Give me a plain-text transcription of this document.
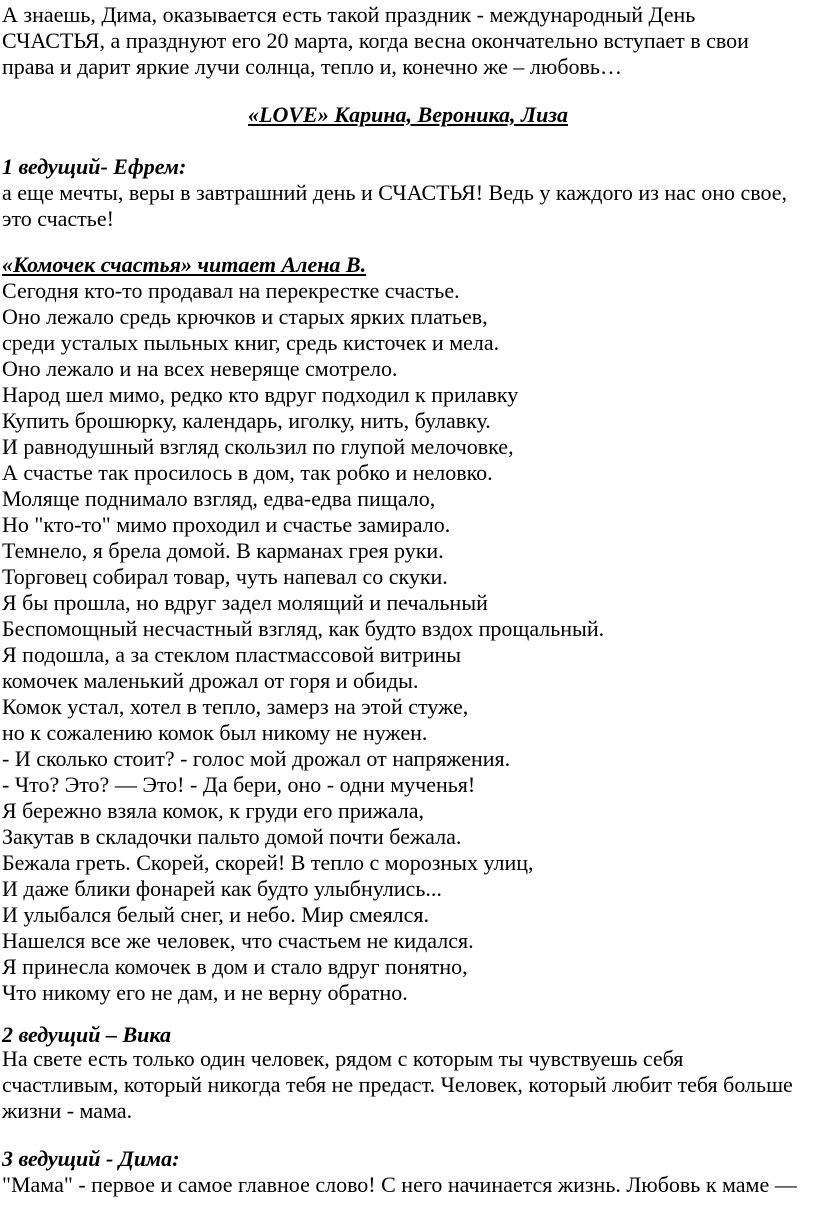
А знаешь, Дима, оказывается есть такой праздник - международный День
СЧАСТЬЯ, а празднуют его 20 марта, когда весна окончательно вступает в свои
права и дарит яркие лучи солнца, тепло и, конечно же – любовь…
«LOVE» Карина, Вероника, Лиза
1 ведущий- Ефрем:
а еще мечты, веры в завтрашний день и СЧАСТЬЯ! Ведь у каждого из нас оно свое,
это счастье!
«Комочек счастья» читает Алена В.
Сегодня кто-то продавал на перекрестке счастье.
Оно лежало средь крючков и старых ярких платьев,
среди усталых пыльных книг, средь кисточек и мела.
Оно лежало и на всех неверяще смотрело.
Народ шел мимо, редко кто вдруг подходил к прилавку
Купить брошюрку, календарь, иголку, нить, булавку.
И равнодушный взгляд скользил по глупой мелочовке,
А счастье так просилось в дом, так робко и неловко.
Моляще поднимало взгляд, едва-едва пищало,
Но "кто-то" мимо проходил и счастье замирало.
Темнело, я брела домой. В карманах грея руки.
Торговец собирал товар, чуть напевал со скуки.
Я бы прошла, но вдруг задел молящий и печальный
Беспомощный несчастный взгляд, как будто вздох прощальный.
Я подошла, а за стеклом пластмассовой витрины
комочек маленький дрожал от горя и обиды.
Комок устал, хотел в тепло, замерз на этой стуже,
но к сожалению комок был никому не нужен.
- И сколько стоит? - голос мой дрожал от напряжения.
- Что? Это? — Это! - Да бери, оно - одни мученья!
Я бережно взяла комок, к груди его прижала,
Закутав в складочки пальто домой почти бежала.
Бежала греть. Скорей, скорей! В тепло с морозных улиц,
И даже блики фонарей как будто улыбнулись...
И улыбался белый снег, и небо. Мир смеялся.
Нашелся все же человек, что счастьем не кидался.
Я принесла комочек в дом и стало вдруг понятно,
Что никому его не дам, и не верну обратно.
2 ведущий – Вика
На свете есть только один человек, рядом с которым ты чувствуешь себя
счастливым, который никогда тебя не предаст. Человек, который любит тебя больше
жизни - мама.
3 ведущий - Дима:
"Мама" - первое и самое главное слово! С него начинается жизнь. Любовь к маме —
